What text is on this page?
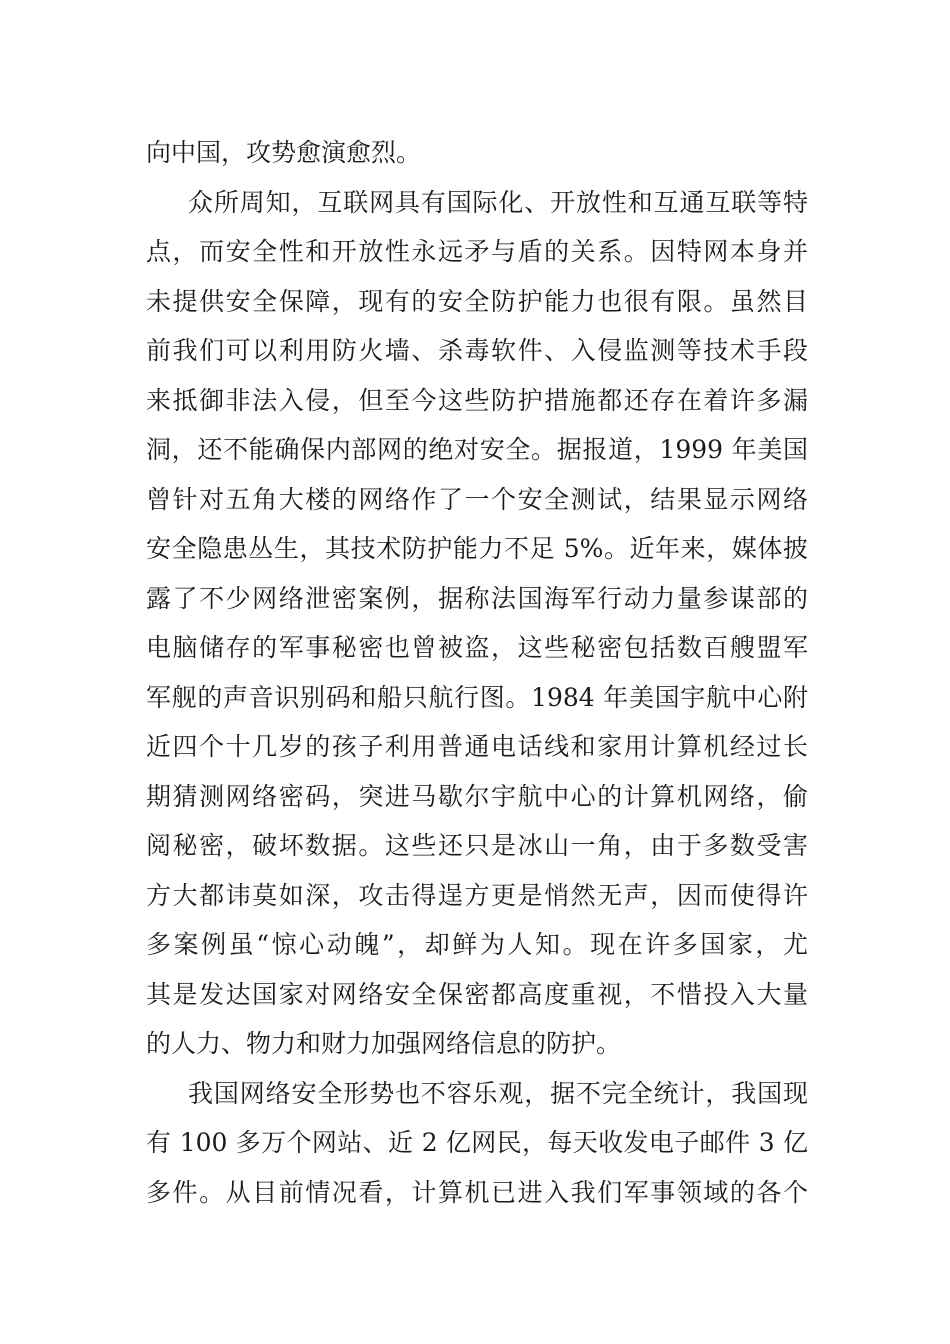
向中国，攻势愈演愈烈。
众所周知，互联网具有国际化、开放性和互通互联等特
点，而安全性和开放性永远矛与盾的关系。因特网本身并
未提供安全保障，现有的安全防护能力也很有限。虽然目
前我们可以利用防火墙、杀毒软件、入侵监测等技术手段
来抵御非法入侵，但至今这些防护措施都还存在着许多漏
洞，还不能确保内部网的绝对安全。据报道，1999 年美国
曾针对五角大楼的网络作了一个安全测试，结果显示网络
安全隐患丛生，其技术防护能力不足 5%。近年来，媒体披
露了不少网络泄密案例，据称法国海军行动力量参谋部的
电脑储存的军事秘密也曾被盗，这些秘密包括数百艘盟军
军舰的声音识别码和船只航行图。1984 年美国宇航中心附
近四个十几岁的孩子利用普通电话线和家用计算机经过长
期猜测网络密码，突进马歇尔宇航中心的计算机网络，偷
阅秘密，破坏数据。这些还只是冰山一角，由于多数受害
方大都讳莫如深，攻击得逞方更是悄然无声，因而使得许
多案例虽“惊心动魄”，却鲜为人知。现在许多国家，尤
其是发达国家对网络安全保密都高度重视，不惜投入大量
的人力、物力和财力加强网络信息的防护。
我国网络安全形势也不容乐观，据不完全统计，我国现
有 100 多万个网站、近 2 亿网民，每天收发电子邮件 3 亿
多件。从目前情况看，计算机已进入我们军事领域的各个
